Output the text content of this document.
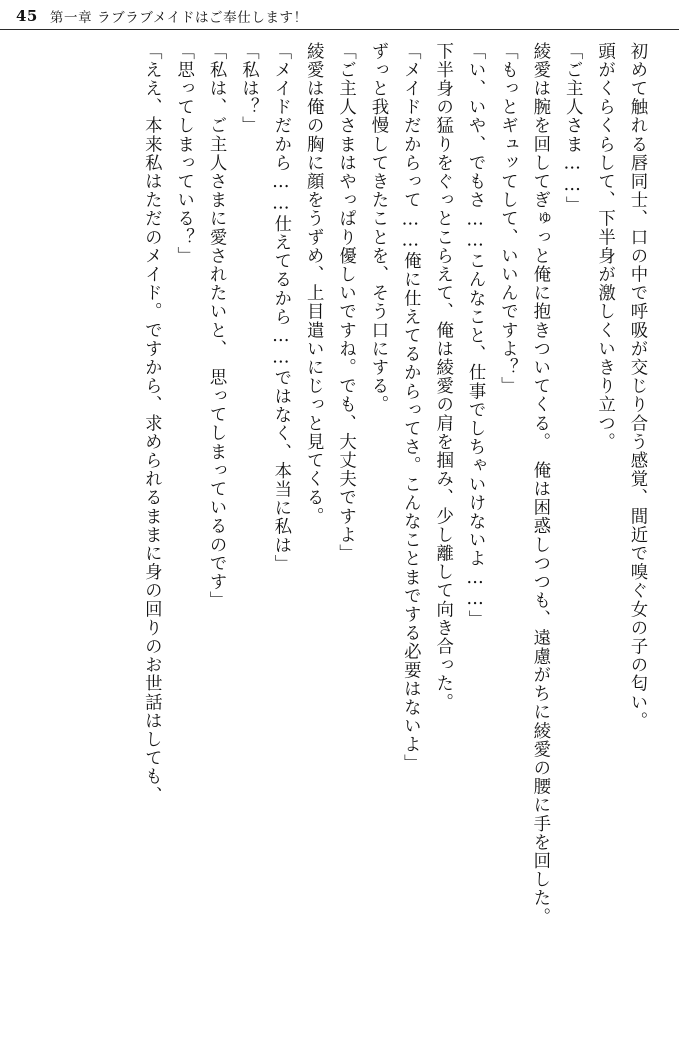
45 第一章 ラブラブメイドはご奉仕します！

初めて触れる唇同士、口の中で呼吸が交じり合う感覚、間近で嗅ぐ女の子の匂い。

頭がくらくらして、下半身が激しくいきり立つ。

「ご主人さま……」

綾愛は腕を回してぎゅっと俺に抱きついてくる。　俺は困惑しつつも、遠慮がちに綾愛の腰に手を回した。

「もっとギュッてして、いいんですよ？」

「い、いや、でもさ……こんなこと、仕事でしちゃいけないよ……」

下半身の猛りをぐっとこらえて、俺は綾愛の肩を掴み、少し離して向き合った。

「メイドだからって……俺に仕えてるからってさ。こんなことまでする必要はないよ」

ずっと我慢してきたことを、そう口にする。

「ご主人さまはやっぱり優しいですね。でも、大丈夫ですよ」

綾愛は俺の胸に顔をうずめ、上目遣いにじっと見てくる。

「メイドだから……仕えてるから……ではなく、本当に私は」

「私は？」

「私は、ご主人さまに愛されたいと、　思ってしまっているのです」

「思ってしまっている？」

「ええ、本来私はただのメイド。ですから、求められるままに身の回りのお世話はしても、
